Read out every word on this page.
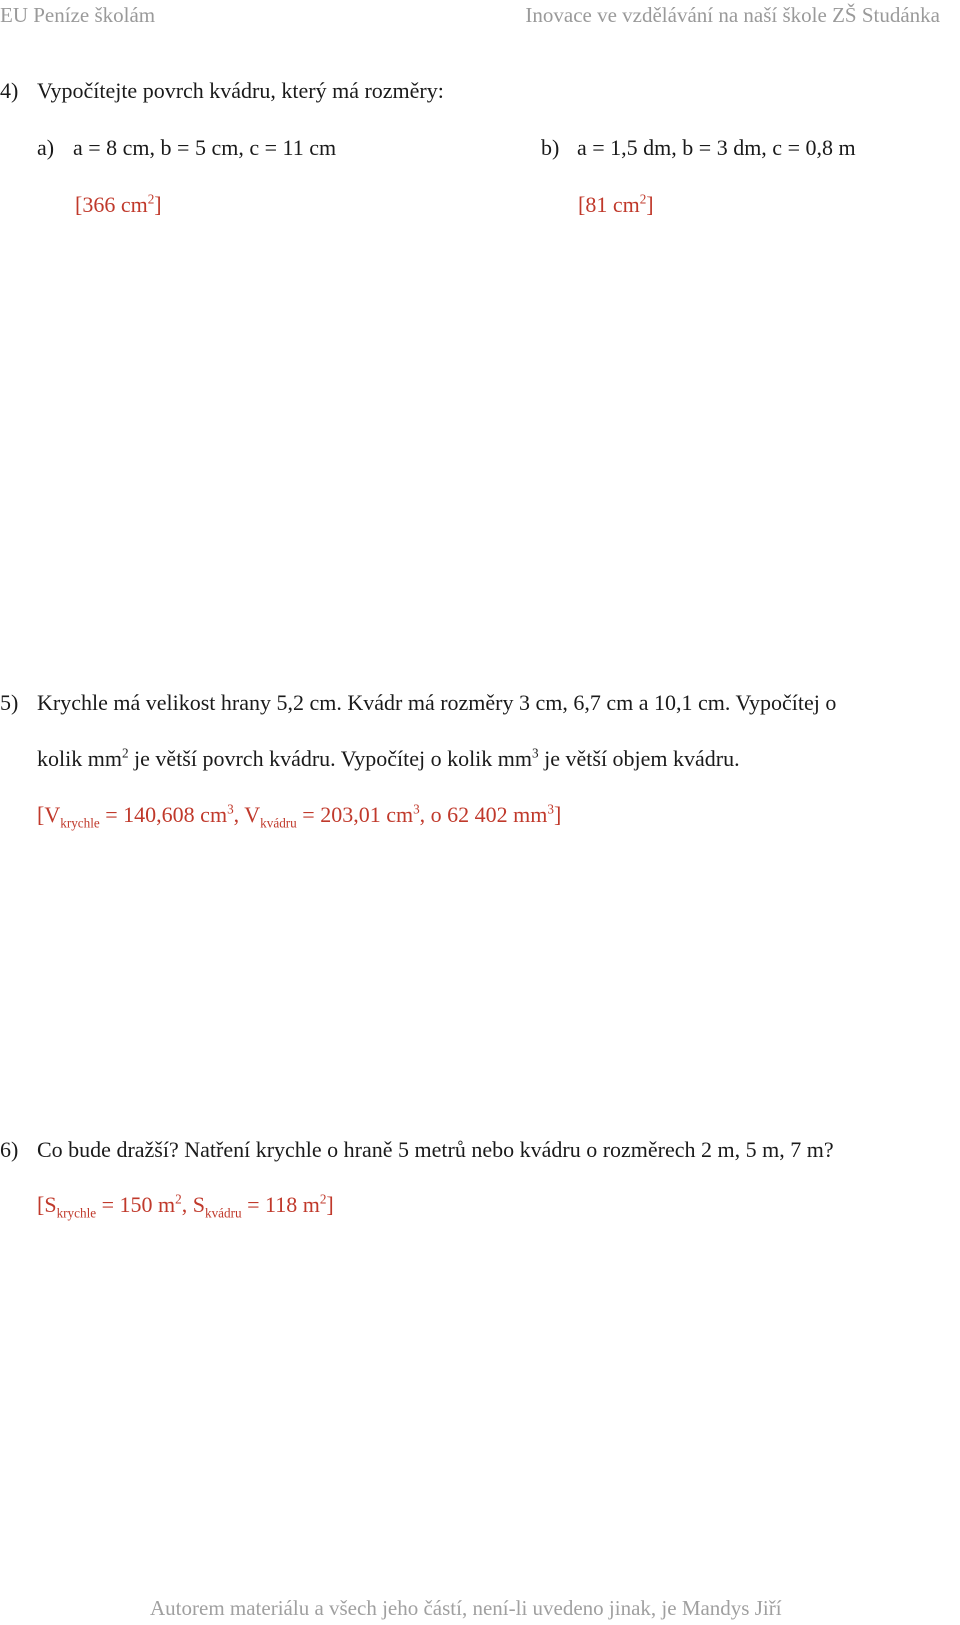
EU Peníze školám	Inovace ve vzdělávání na naší škole ZŠ Studánka
4) Vypočítejte povrch kvádru, který má rozměry:
a) a = 8 cm, b = 5 cm, c = 11 cm	b) a = 1,5 dm, b = 3 dm, c = 0,8 m
[366 $cm^2$]	[81 $cm^2$]
5) Krychle má velikost hrany 5,2 cm. Kvádr má rozměry 3 cm, 6,7 cm a 10,1 cm. Vypočítej o
kolik $mm^2$ je větší povrch kvádru. Vypočítej o kolik $mm^3$ je větší objem kvádru.
[$V_{krychle} = 140,608$ $cm^3$, $V_{kvádru} = 203,01$ $cm^3$, o 62 402 $mm^3$]
6) Co bude dražší? Natření krychle o hraně 5 metrů nebo kvádru o rozměrech 2 m, 5 m, 7 m?
[$S_{krychle} = 150$ $m^2$, $S_{kvádru} = 118$ $m^2$]
Autorem materiálu a všech jeho částí, není-li uvedeno jinak, je Mandys Jiří
